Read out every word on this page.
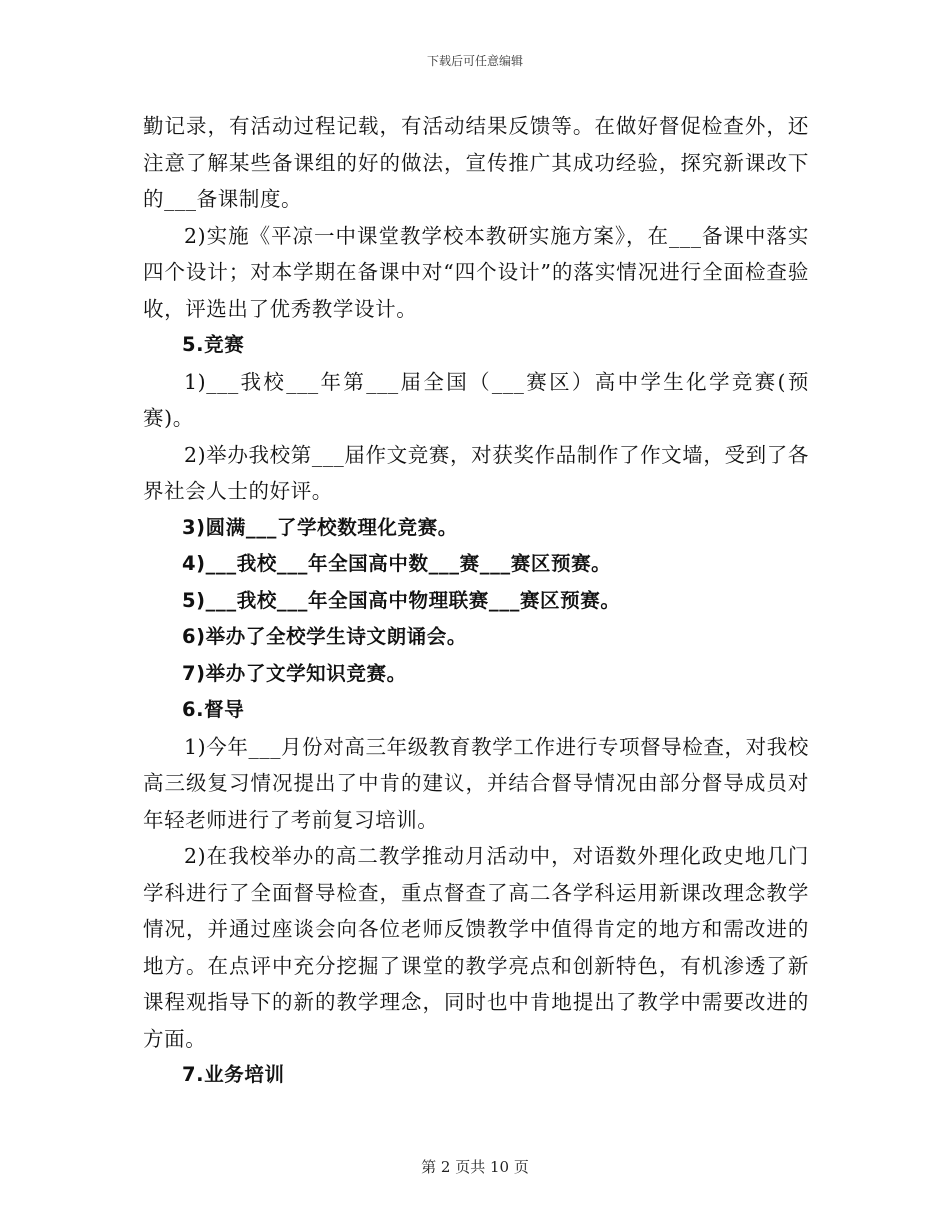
下载后可任意编辑

勤记录，有活动过程记载，有活动结果反馈等。在做好督促检查外，还注意了解某些备课组的好的做法，宣传推广其成功经验，探究新课改下的___备课制度。

2)实施《平凉一中课堂教学校本教研实施方案》，在___备课中落实四个设计；对本学期在备课中对“四个设计”的落实情况进行全面检查验收，评选出了优秀教学设计。

5.竞赛

1)___我校___年第___届全国（___赛区）高中学生化学竞赛(预赛)。

2)举办我校第___届作文竞赛，对获奖作品制作了作文墙，受到了各界社会人士的好评。

3)圆满___了学校数理化竞赛。

4)___我校___年全国高中数___赛___赛区预赛。

5)___我校___年全国高中物理联赛___赛区预赛。

6)举办了全校学生诗文朗诵会。

7)举办了文学知识竞赛。

6.督导

1)今年___月份对高三年级教育教学工作进行专项督导检查，对我校高三级复习情况提出了中肯的建议，并结合督导情况由部分督导成员对年轻老师进行了考前复习培训。

2)在我校举办的高二教学推动月活动中，对语数外理化政史地几门学科进行了全面督导检查，重点督查了高二各学科运用新课改理念教学情况，并通过座谈会向各位老师反馈教学中值得肯定的地方和需改进的地方。在点评中充分挖掘了课堂的教学亮点和创新特色，有机渗透了新课程观指导下的新的教学理念，同时也中肯地提出了教学中需要改进的方面。

7.业务培训

第 2 页共 10 页
